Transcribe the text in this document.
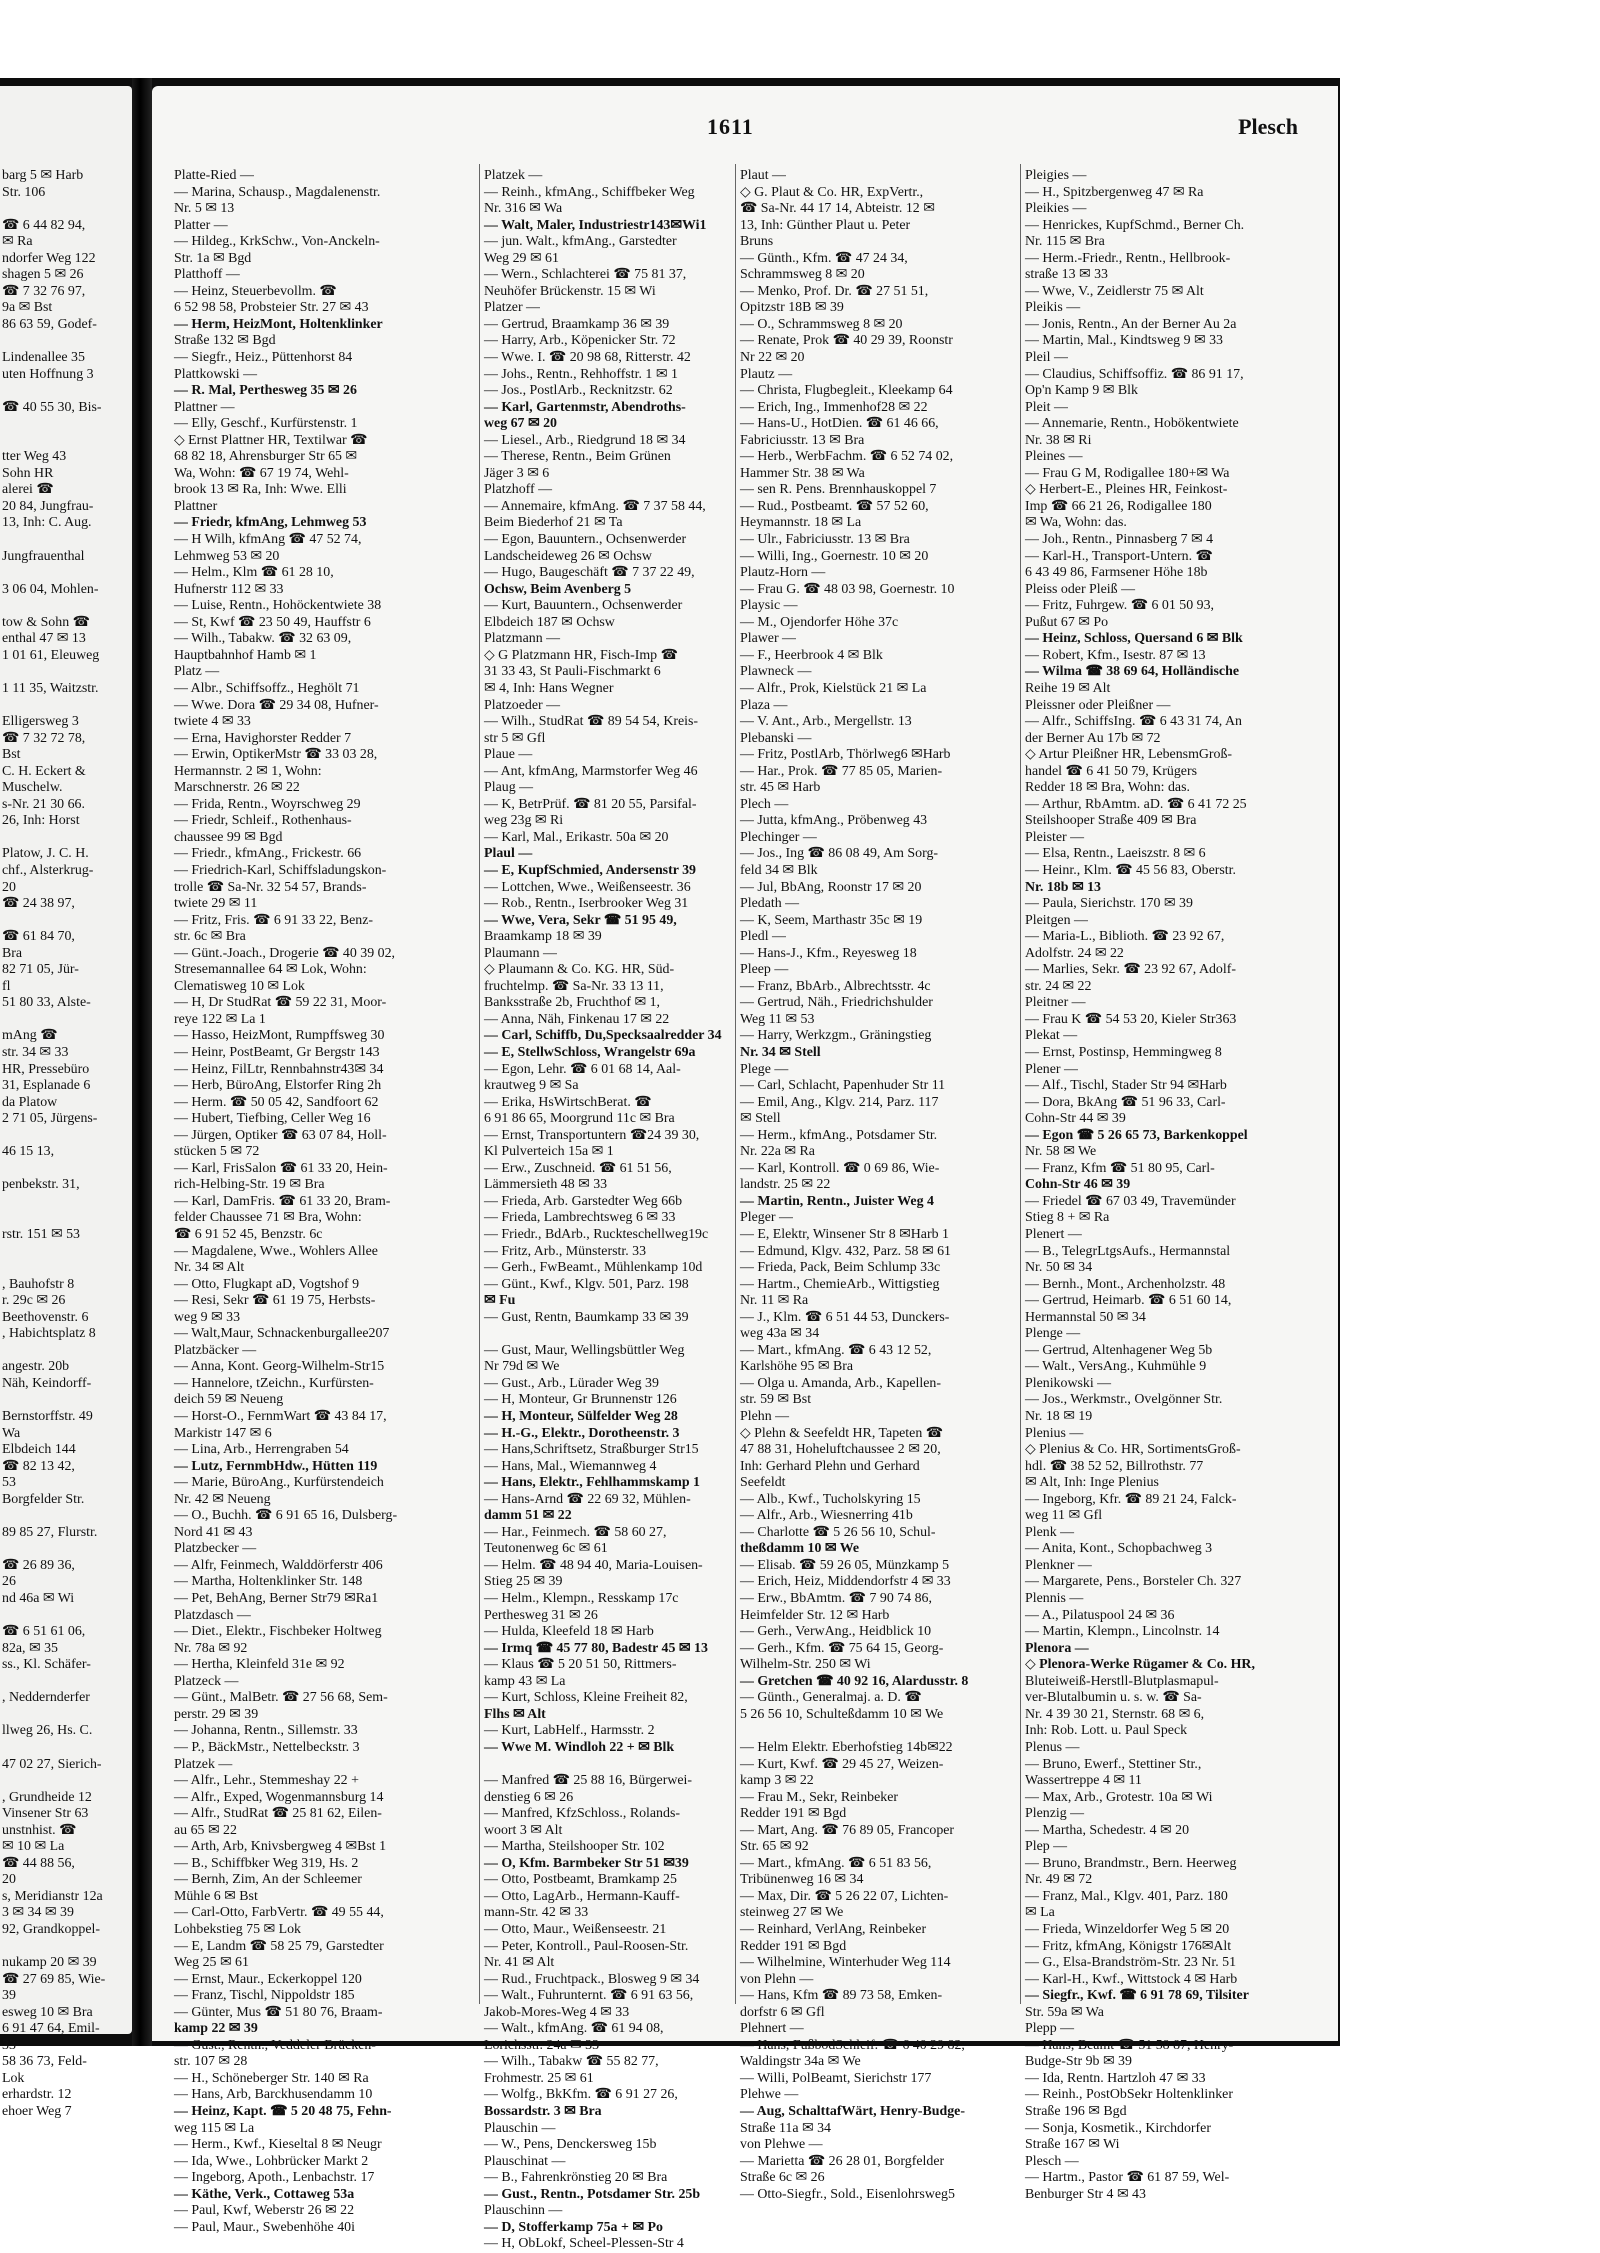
barg 5 ✉ Harb
Str. 106
☎ 6 44 82 94,
✉ Ra
ndorfer Weg 122
shagen 5 ✉ 26
☎ 7 32 76 97,
9a ✉ Bst
86 63 59, Godef-
Lindenallee 35
uten Hoffnung 3
☎ 40 55 30, Bis-
tter Weg 43
Sohn HR
alerei ☎
20 84, Jungfrau-
13, Inh: C. Aug.
Jungfrauenthal
3 06 04, Mohlen-
tow & Sohn ☎
enthal 47 ✉ 13
1 01 61, Eleuweg
1 11 35, Waitzstr.
Elligersweg 3
☎ 7 32 72 78,
Bst
C. H. Eckert &
Muschelw.
s-Nr. 21 30 66.
26, Inh: Horst
Platow, J. C. H.
chf., Alsterkrug-
20
☎ 24 38 97,
☎ 61 84 70,
Bra
82 71 05, Jür-
fl
51 80 33, Alste-
mAng ☎
str. 34 ✉ 33
HR, Pressebüro
31, Esplanade 6
da Platow
2 71 05, Jürgens-
46 15 13,
penbekstr. 31,
rstr. 151 ✉ 53
, Bauhofstr 8
r. 29c ✉ 26
Beethovenstr. 6
, Habichtsplatz 8
angestr. 20b
Näh, Keindorff-
Bernstorffstr. 49
Wa
Elbdeich 144
☎ 82 13 42,
53
Borgfelder Str.
89 85 27, Flurstr.
☎ 26 89 36,
26
nd 46a ✉ Wi
☎ 6 51 61 06,
82a, ✉ 35
ss., Kl. Schäfer-
, Neddernderfer
llweg 26, Hs. C.
47 02 27, Sierich-
, Grundheide 12
Vinsener Str 63
unstnhist. ☎
✉ 10 ✉ La
☎ 44 88 56,
20
s, Meridianstr 12a
3 ✉ 34 ✉ 39
92, Grandkoppel-
nukamp 20 ✉ 39
☎ 27 69 85, Wie-
39
esweg 10 ✉ Bra
6 91 47 64, Emil-
33
58 36 73, Feld-
Lok
erhardstr. 12
ehoer Weg 7
1611	Plesch
Platte-Ried —
— Marina, Schausp., Magdalenenstr.
Nr. 5 ✉ 13
Platter —
— Hildeg., KrkSchw., Von-Anckeln-
Str. 1a ✉ Bgd
Platthoff —
— Heinz, Steuerbevollm. ☎
6 52 98 58, Probsteier Str. 27 ✉ 43
— Herm, HeizMont, Holtenklinker
Straße 132 ✉ Bgd
— Siegfr., Heiz., Püttenhorst 84
Plattkowski —
— R. Mal, Perthesweg 35 ✉ 26
Plattner —
— Elly, Geschf., Kurfürstenstr. 1
◇ Ernst Plattner HR, Textilwar ☎
68 82 18, Ahrensburger Str 65 ✉
Wa, Wohn: ☎ 67 19 74, Wehl-
brook 13 ✉ Ra, Inh: Wwe. Elli
Plattner
— Friedr, kfmAng, Lehmweg 53
— H Wilh, kfmAng ☎ 47 52 74,
Lehmweg 53 ✉ 20
— Helm., Klm ☎ 61 28 10,
Hufnerstr 112 ✉ 33
— Luise, Rentn., Hohöckentwiete 38
— St, Kwf ☎ 23 50 49, Hauffstr 6
— Wilh., Tabakw. ☎ 32 63 09,
Hauptbahnhof Hamb ✉ 1
Platz —
— Albr., Schiffsoffz., Heghölt 71
— Wwe. Dora ☎ 29 34 08, Hufner-
twiete 4 ✉ 33
— Erna, Havighorster Redder 7
— Erwin, OptikerMstr ☎ 33 03 28,
Hermannstr. 2 ✉ 1, Wohn:
Marschnerstr. 26 ✉ 22
— Frida, Rentn., Woyrschweg 29
— Friedr, Schleif., Rothenhaus-
chaussee 99 ✉ Bgd
— Friedr., kfmAng., Frickestr. 66
— Friedrich-Karl, Schiffsladungskon-
trolle ☎ Sa-Nr. 32 54 57, Brands-
twiete 29 ✉ 11
— Fritz, Fris. ☎ 6 91 33 22, Benz-
str. 6c ✉ Bra
— Günt.-Joach., Drogerie ☎ 40 39 02,
Stresemannallee 64 ✉ Lok, Wohn:
Clematisweg 10 ✉ Lok
— H, Dr StudRat ☎ 59 22 31, Moor-
reye 122 ✉ La 1
— Hasso, HeizMont, Rumpffsweg 30
— Heinr, PostBeamt, Gr Bergstr 143
— Heinz, FilLtr, Rennbahnstr43✉ 34
— Herb, BüroAng, Elstorfer Ring 2h
— Herm. ☎ 50 05 42, Sandfoort 62
— Hubert, Tiefbing, Celler Weg 16
— Jürgen, Optiker ☎ 63 07 84, Holl-
stücken 5 ✉ 72
— Karl, FrisSalon ☎ 61 33 20, Hein-
rich-Helbing-Str. 19 ✉ Bra
— Karl, DamFris. ☎ 61 33 20, Bram-
felder Chaussee 71 ✉ Bra, Wohn:
☎ 6 91 52 45, Benzstr. 6c
— Magdalene, Wwe., Wohlers Allee
Nr. 34 ✉ Alt
— Otto, Flugkapt aD, Vogtshof 9
— Resi, Sekr ☎ 61 19 75, Herbsts-
weg 9 ✉ 33
— Walt,Maur, Schnackenburgallee207
Platzbäcker —
— Anna, Kont. Georg-Wilhelm-Str15
— Hannelore, tZeichn., Kurfürsten-
deich 59 ✉ Neueng
— Horst-O., FernmWart ☎ 43 84 17,
Markistr 147 ✉ 6
— Lina, Arb., Herrengraben 54
— Lutz, FernmbHdw., Hütten 119
— Marie, BüroAng., Kurfürstendeich
Nr. 42 ✉ Neueng
— O., Buchh. ☎ 6 91 65 16, Dulsberg-
Nord 41 ✉ 43
Platzbecker —
— Alfr, Feinmech, Walddörferstr 406
— Martha, Holtenklinker Str. 148
— Pet, BehAng, Berner Str79 ✉Ra1
Platzdasch —
— Diet., Elektr., Fischbeker Holtweg
Nr. 78a ✉ 92
— Hertha, Kleinfeld 31e ✉ 92
Platzeck —
— Günt., MalBetr. ☎ 27 56 68, Sem-
perstr. 29 ✉ 39
— Johanna, Rentn., Sillemstr. 33
— P., BäckMstr., Nettelbeckstr. 3
Platzek —
— Alfr., Lehr., Stemmeshay 22 +
— Alfr., Exped, Wogenmannsburg 14
— Alfr., StudRat ☎ 25 81 62, Eilen-
au 65 ✉ 22
— Arth, Arb, Knivsbergweg 4 ✉Bst 1
— B., Schiffbker Weg 319, Hs. 2
— Bernh, Zim, An der Schleemer
Mühle 6 ✉ Bst
— Carl-Otto, FarbVertr. ☎ 49 55 44,
Lohbekstieg 75 ✉ Lok
— E, Landm ☎ 58 25 79, Garstedter
Weg 25 ✉ 61
— Ernst, Maur., Eckerkoppel 120
— Franz, Tischl, Nippoldstr 185
— Günter, Mus ☎ 51 80 76, Braam-
kamp 22 ✉ 39
— Gust., Rentn., Veddeler Brücken-
str. 107 ✉ 28
— H., Schöneberger Str. 140 ✉ Ra
— Hans, Arb, Barckhusendamm 10
— Heinz, Kapt. ☎ 5 20 48 75, Fehn-
weg 115 ✉ La
— Herm., Kwf., Kieseltal 8 ✉ Neugr
— Ida, Wwe., Lohbrücker Markt 2
— Ingeborg, Apoth., Lenbachstr. 17
— Käthe, Verk., Cottaweg 53a
— Paul, Kwf, Weberstr 26 ✉ 22
— Paul, Maur., Swebenhöhe 40i
Platzek —
— Reinh., kfmAng., Schiffbeker Weg
Nr. 316 ✉ Wa
— Walt, Maler, Industriestr143✉Wi1
— jun. Walt., kfmAng., Garstedter
Weg 29 ✉ 61
— Wern., Schlachterei ☎ 75 81 37,
Neuhöfer Brückenstr. 15 ✉ Wi
Platzer —
— Gertrud, Braamkamp 36 ✉ 39
— Harry, Arb., Köpenicker Str. 72
— Wwe. I. ☎ 20 98 68, Ritterstr. 42
— Johs., Rentn., Rehhoffstr. 1 ✉ 1
— Jos., PostlArb., Recknitzstr. 62
— Karl, Gartenmstr, Abendroths-
weg 67 ✉ 20
— Liesel., Arb., Riedgrund 18 ✉ 34
— Therese, Rentn., Beim Grünen
Jäger 3 ✉ 6
Platzhoff —
— Annemaire, kfmAng. ☎ 7 37 58 44,
Beim Biederhof 21 ✉ Ta
— Egon, Bauuntern., Ochsenwerder
Landscheideweg 26 ✉ Ochsw
— Hugo, Baugeschäft ☎ 7 37 22 49,
Ochsw, Beim Avenberg 5
— Kurt, Bauuntern., Ochsenwerder
Elbdeich 187 ✉ Ochsw
Platzmann —
◇ G Platzmann HR, Fisch-Imp ☎
31 33 43, St Pauli-Fischmarkt 6
✉ 4, Inh: Hans Wegner
Platzoeder —
— Wilh., StudRat ☎ 89 54 54, Kreis-
str 5 ✉ Gfl
Plaue —
— Ant, kfmAng, Marmstorfer Weg 46
Plaug —
— K, BetrPrüf. ☎ 81 20 55, Parsifal-
weg 23g ✉ Ri
— Karl, Mal., Erikastr. 50a ✉ 20
Plaul —
— E, KupfSchmied, Andersenstr 39
— Lottchen, Wwe., Weißenseestr. 36
— Rob., Rentn., Iserbrooker Weg 31
— Wwe, Vera, Sekr ☎ 51 95 49,
Braamkamp 18 ✉ 39
Plaumann —
◇ Plaumann & Co. KG. HR, Süd-
fruchtelmp. ☎ Sa-Nr. 33 13 11,
Banksstraße 2b, Fruchthof ✉ 1,
— Anna, Näh, Finkenau 17 ✉ 22
— Carl, Schiffb, Du,Specksaalredder 34
— E, StellwSchloss, Wrangelstr 69a
— Egon, Lehr. ☎ 6 01 68 14, Aal-
krautweg 9 ✉ Sa
— Erika, HsWirtschBerat. ☎
6 91 86 65, Moorgrund 11c ✉ Bra
— Ernst, Transportuntern ☎24 39 30,
Kl Pulverteich 15a ✉ 1
— Erw., Zuschneid. ☎ 61 51 56,
Lämmersieth 48 ✉ 33
— Frieda, Arb. Garstedter Weg 66b
— Frieda, Lambrechtsweg 6 ✉ 33
— Friedr., BdArb., Ruckteschellweg19c
— Fritz, Arb., Münsterstr. 33
— Gerh., FwBeamt., Mühlenkamp 10d
— Günt., Kwf., Klgv. 501, Parz. 198
✉ Fu
— Gust, Rentn, Baumkamp 33 ✉ 39
— Gust, Maur, Wellingsbüttler Weg
Nr 79d ✉ We
— Gust., Arb., Lürader Weg 39
— H, Monteur, Gr Brunnenstr 126
— H, Monteur, Sülfelder Weg 28
— H.-G., Elektr., Dorotheenstr. 3
— Hans,Schriftsetz, Straßburger Str15
— Hans, Mal., Wiemannweg 4
— Hans, Elektr., Fehlhammskamp 1
— Hans-Arnd ☎ 22 69 32, Mühlen-
damm 51 ✉ 22
— Har., Feinmech. ☎ 58 60 27,
Teutonenweg 6c ✉ 61
— Helm. ☎ 48 94 40, Maria-Louisen-
Stieg 25 ✉ 39
— Helm., Klempn., Resskamp 17c
Perthesweg 31 ✉ 26
— Hulda, Kleefeld 18 ✉ Harb
— Irmq ☎ 45 77 80, Badestr 45 ✉ 13
— Klaus ☎ 5 20 51 50, Rittmers-
kamp 43 ✉ La
— Kurt, Schloss, Kleine Freiheit 82,
Flhs ✉ Alt
— Kurt, LabHelf., Harmsstr. 2
— Wwe M. Windloh 22 + ✉ Blk
— Manfred ☎ 25 88 16, Bürgerwei-
denstieg 6 ✉ 26
— Manfred, KfzSchloss., Rolands-
woort 3 ✉ Alt
— Martha, Steilshooper Str. 102
— O, Kfm. Barmbeker Str 51 ✉39
— Otto, Postbeamt, Bramkamp 25
— Otto, LagArb., Hermann-Kauff-
mann-Str. 42 ✉ 33
— Otto, Maur., Weißenseestr. 21
— Peter, Kontroll., Paul-Roosen-Str.
Nr. 41 ✉ Alt
— Rud., Fruchtpack., Blosweg 9 ✉ 34
— Walt., Fuhrunternt. ☎ 6 91 63 56,
Jakob-Mores-Weg 4 ✉ 33
— Walt., kfmAng. ☎ 61 94 08,
Lorichsstr. 24a ✉ 33
— Wilh., Tabakw ☎ 55 82 77,
Frohmestr. 25 ✉ 61
— Wolfg., BkKfm. ☎ 6 91 27 26,
Bossardstr. 3 ✉ Bra
Plauschin —
— W., Pens, Denckersweg 15b
Plauschinat —
— B., Fahrenkrönstieg 20 ✉ Bra
— Gust., Rentn., Potsdamer Str. 25b
Plauschinn —
— D, Stofferkamp 75a + ✉ Po
— H, ObLokf, Scheel-Plessen-Str 4
Plaut —
◇ G. Plaut & Co. HR, ExpVertr.,
☎ Sa-Nr. 44 17 14, Abteistr. 12 ✉
13, Inh: Günther Plaut u. Peter
Bruns
— Günth., Kfm. ☎ 47 24 34,
Schrammsweg 8 ✉ 20
— Menko, Prof. Dr. ☎ 27 51 51,
Opitzstr 18B ✉ 39
— O., Schrammsweg 8 ✉ 20
— Renate, Prok ☎ 40 29 39, Roonstr
Nr 22 ✉ 20
Plautz —
— Christa, Flugbegleit., Kleekamp 64
— Erich, Ing., Immenhof28 ✉ 22
— Hans-U., HotDien. ☎ 61 46 66,
Fabriciusstr. 13 ✉ Bra
— Herb., WerbFachm. ☎ 6 52 74 02,
Hammer Str. 38 ✉ Wa
— sen R. Pens. Brennhauskoppel 7
— Rud., Postbeamt. ☎ 57 52 60,
Heymannstr. 18 ✉ La
— Ulr., Fabriciusstr. 13 ✉ Bra
— Willi, Ing., Goernestr. 10 ✉ 20
Plautz-Horn —
— Frau G. ☎ 48 03 98, Goernestr. 10
Playsic —
— M., Ojendorfer Höhe 37c
Plawer —
— F., Heerbrook 4 ✉ Blk
Plawneck —
— Alfr., Prok, Kielstück 21 ✉ La
Plaza —
— V. Ant., Arb., Mergellstr. 13
Plebanski —
— Fritz, PostlArb, Thörlweg6 ✉Harb
— Har., Prok. ☎ 77 85 05, Marien-
str. 45 ✉ Harb
Plech —
— Jutta, kfmAng., Pröbenweg 43
Plechinger —
— Jos., Ing ☎ 86 08 49, Am Sorg-
feld 34 ✉ Blk
— Jul, BbAng, Roonstr 17 ✉ 20
Pledath —
— K, Seem, Marthastr 35c ✉ 19
Pledl —
— Hans-J., Kfm., Reyesweg 18
Pleep —
— Franz, BbArb., Albrechtsstr. 4c
— Gertrud, Näh., Friedrichshulder
Weg 11 ✉ 53
— Harry, Werkzgm., Gräningstieg
Nr. 34 ✉ Stell
Plege —
— Carl, Schlacht, Papenhuder Str 11
— Emil, Ang., Klgv. 214, Parz. 117
✉ Stell
— Herm., kfmAng., Potsdamer Str.
Nr. 22a ✉ Ra
— Karl, Kontroll. ☎ 0 69 86, Wie-
landstr. 25 ✉ 22
— Martin, Rentn., Juister Weg 4
Pleger —
— E, Elektr, Winsener Str 8 ✉Harb 1
— Edmund, Klgv. 432, Parz. 58 ✉ 61
— Frieda, Pack, Beim Schlump 33c
— Hartm., ChemieArb., Wittigstieg
Nr. 11 ✉ Ra
— J., Klm. ☎ 6 51 44 53, Dunckers-
weg 43a ✉ 34
— Mart., kfmAng. ☎ 6 43 12 52,
Karlshöhe 95 ✉ Bra
— Olga u. Amanda, Arb., Kapellen-
str. 59 ✉ Bst
Plehn —
◇ Plehn & Seefeldt HR, Tapeten ☎
47 88 31, Hoheluftchaussee 2 ✉ 20,
Inh: Gerhard Plehn und Gerhard
Seefeldt
— Alb., Kwf., Tucholskyring 15
— Alfr., Arb., Wiesnerring 41b
— Charlotte ☎ 5 26 56 10, Schul-
theßdamm 10 ✉ We
— Elisab. ☎ 59 26 05, Münzkamp 5
— Erich, Heiz, Middendorfstr 4 ✉ 33
— Erw., BbAmtm. ☎ 7 90 74 86,
Heimfelder Str. 12 ✉ Harb
— Gerh., VerwAng., Heidblick 10
— Gerh., Kfm. ☎ 75 64 15, Georg-
Wilhelm-Str. 250 ✉ Wi
— Gretchen ☎ 40 92 16, Alardusstr. 8
— Günth., Generalmaj. a. D. ☎
5 26 56 10, Schulteßdamm 10 ✉ We
— Helm Elektr. Eberhofstieg 14b✉22
— Kurt, Kwf. ☎ 29 45 27, Weizen-
kamp 3 ✉ 22
— Frau M., Sekr, Reinbeker
Redder 191 ✉ Bgd
— Mart, Ang. ☎ 76 89 05, Francoper
Str. 65 ✉ 92
— Mart., kfmAng. ☎ 6 51 83 56,
Tribünenweg 16 ✉ 34
— Max, Dir. ☎ 5 26 22 07, Lichten-
steinweg 27 ✉ We
— Reinhard, VerlAng, Reinbeker
Redder 191 ✉ Bgd
— Wilhelmine, Winterhuder Weg 114
von Plehn —
— Hans, Kfm ☎ 89 73 58, Emken-
dorfstr 6 ✉ Gfl
Plehnert —
— Hans, FußbodSchleif. ☎ 6 40 29 82,
Waldingstr 34a ✉ We
— Willi, PolBeamt, Sierichstr 177
Plehwe —
— Aug, SchalttafWärt, Henry-Budge-
Straße 11a ✉ 34
von Plehwe —
— Marietta ☎ 26 28 01, Borgfelder
Straße 6c ✉ 26
— Otto-Siegfr., Sold., Eisenlohrsweg5
Pleigies —
— H., Spitzbergenweg 47 ✉ Ra
Pleikies —
— Henrickes, KupfSchmd., Berner Ch.
Nr. 115 ✉ Bra
— Herm.-Friedr., Rentn., Hellbrook-
straße 13 ✉ 33
— Wwe, V., Zeidlerstr 75 ✉ Alt
Pleikis —
— Jonis, Rentn., An der Berner Au 2a
— Martin, Mal., Kindtsweg 9 ✉ 33
Pleil —
— Claudius, Schiffsoffiz. ☎ 86 91 17,
Op'n Kamp 9 ✉ Blk
Pleit —
— Annemarie, Rentn., Hobökentwiete
Nr. 38 ✉ Ri
Pleines —
— Frau G M, Rodigallee 180+✉ Wa
◇ Herbert-E., Pleines HR, Feinkost-
Imp ☎ 66 21 26, Rodigallee 180
✉ Wa, Wohn: das.
— Joh., Rentn., Pinnasberg 7 ✉ 4
— Karl-H., Transport-Untern. ☎
6 43 49 86, Farmsener Höhe 18b
Pleiss oder Pleiß —
— Fritz, Fuhrgew. ☎ 6 01 50 93,
Pußut 67 ✉ Po
— Heinz, Schloss, Quersand 6 ✉ Blk
— Robert, Kfm., Isestr. 87 ✉ 13
— Wilma ☎ 38 69 64, Holländische
Reihe 19 ✉ Alt
Pleissner oder Pleißner —
— Alfr., SchiffsIng. ☎ 6 43 31 74, An
der Berner Au 17b ✉ 72
◇ Artur Pleißner HR, LebensmGroß-
handel ☎ 6 41 50 79, Krügers
Redder 18 ✉ Bra, Wohn: das.
— Arthur, RbAmtm. aD. ☎ 6 41 72 25
Steilshooper Straße 409 ✉ Bra
Pleister —
— Elsa, Rentn., Laeiszstr. 8 ✉ 6
— Heinr., Klm. ☎ 45 56 83, Oberstr.
Nr. 18b ✉ 13
— Paula, Sierichstr. 170 ✉ 39
Pleitgen —
— Maria-L., Biblioth. ☎ 23 92 67,
Adolfstr. 24 ✉ 22
— Marlies, Sekr. ☎ 23 92 67, Adolf-
str. 24 ✉ 22
Pleitner —
— Frau K ☎ 54 53 20, Kieler Str363
Plekat —
— Ernst, Postinsp, Hemmingweg 8
Plener —
— Alf., Tischl, Stader Str 94 ✉Harb
— Dora, BkAng ☎ 51 96 33, Carl-
Cohn-Str 44 ✉ 39
— Egon ☎ 5 26 65 73, Barkenkoppel
Nr. 58 ✉ We
— Franz, Kfm ☎ 51 80 95, Carl-
Cohn-Str 46 ✉ 39
— Friedel ☎ 67 03 49, Travemünder
Stieg 8 + ✉ Ra
Plenert —
— B., TelegrLtgsAufs., Hermannstal
Nr. 50 ✉ 34
— Bernh., Mont., Archenholzstr. 48
— Gertrud, Heimarb. ☎ 6 51 60 14,
Hermannstal 50 ✉ 34
Plenge —
— Gertrud, Altenhagener Weg 5b
— Walt., VersAng., Kuhmühle 9
Plenikowski —
— Jos., Werkmstr., Ovelgönner Str.
Nr. 18 ✉ 19
Plenius —
◇ Plenius & Co. HR, SortimentsGroß-
hdl. ☎ 38 52 52, Billrothstr. 77
✉ Alt, Inh: Inge Plenius
— Ingeborg, Kfr. ☎ 89 21 24, Falck-
weg 11 ✉ Gfl
Plenk —
— Anita, Kont., Schopbachweg 3
Plenkner —
— Margarete, Pens., Borsteler Ch. 327
Plennis —
— A., Pilatuspool 24 ✉ 36
— Martin, Klempn., Lincolnstr. 14
Plenora —
◇ Plenora-Werke Rügamer & Co. HR,
Bluteiweiß-Herstll-Blutplasmapul-
ver-Blutalbumin u. s. w. ☎ Sa-
Nr. 4 39 30 21, Sternstr. 68 ✉ 6,
Inh: Rob. Lott. u. Paul Speck
Plenus —
— Bruno, Ewerf., Stettiner Str.,
Wassertreppe 4 ✉ 11
— Max, Arb., Grotestr. 10a ✉ Wi
Plenzig —
— Martha, Schedestr. 4 ✉ 20
Plep —
— Bruno, Brandmstr., Bern. Heerweg
Nr. 49 ✉ 72
— Franz, Mal., Klgv. 401, Parz. 180
✉ La
— Frieda, Winzeldorfer Weg 5 ✉ 20
— Fritz, kfmAng, Königstr 176✉Alt
— G., Elsa-Brandström-Str. 23 Nr. 51
— Karl-H., Kwf., Wittstock 4 ✉ Harb
— Siegfr., Kwf. ☎ 6 91 78 69, Tilsiter
Str. 59a ✉ Wa
Plepp —
— Hans, Beamt ☎ 51 58 87, Henry-
Budge-Str 9b ✉ 39
— Ida, Rentn. Hartzloh 47 ✉ 33
— Reinh., PostObSekr Holtenklinker
Straße 196 ✉ Bgd
— Sonja, Kosmetik., Kirchdorfer
Straße 167 ✉ Wi
Plesch —
— Hartm., Pastor ☎ 61 87 59, Wel-
Benburger Str 4 ✉ 43
